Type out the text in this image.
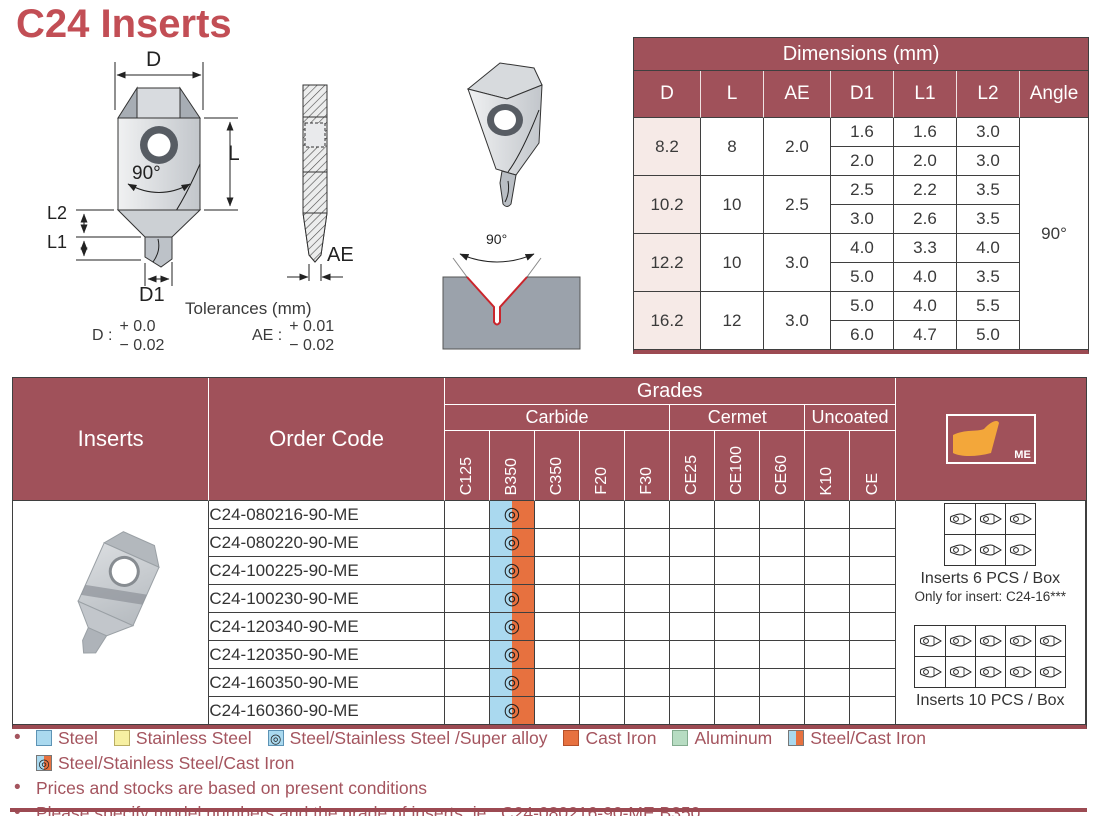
C24 Inserts
D
L
90°
L2
L1
D1
AE
90°
Tolerances (mm)
D :
+ 0.0
− 0.02
AE :
+ 0.01
− 0.02
Dimensions (mm)						
D	L	AE	D1	L1	L2	Angle
8.2	8	2.0	1.6	1.6	3.0	90°
			2.0	2.0	3.0	
10.2	10	2.5	2.5	2.2	3.5	
			3.0	2.6	3.5	
12.2	10	3.0	4.0	3.3	4.0	
			5.0	4.0	3.5	
16.2	12	3.0	5.0	4.0	5.5	
			6.0	4.7	5.0	
Inserts	Order Code	Grades										ME

		Carbide					Cermet			Uncoated		
		C125	B350	C350	F20	F30	CE25	CE100	CE60	K10	CE	
	C24-080216-90-ME		◎									Inserts 6 PCS / Box
Only for insert: C24-16***
Inserts 10 PCS / Box

	C24-080220-90-ME		◎									
	C24-100225-90-ME		◎									
	C24-100230-90-ME		◎									
	C24-120340-90-ME		◎									
	C24-120350-90-ME		◎									
	C24-160350-90-ME		◎									
	C24-160360-90-ME		◎									
•	Steel Stainless Steel ◎ Steel/Stainless Steel /Super alloy Cast Iron Aluminum Steel/Cast Iron
◎ Steel/Stainless Steel/Cast Iron
• Prices and stocks are based on present conditions
